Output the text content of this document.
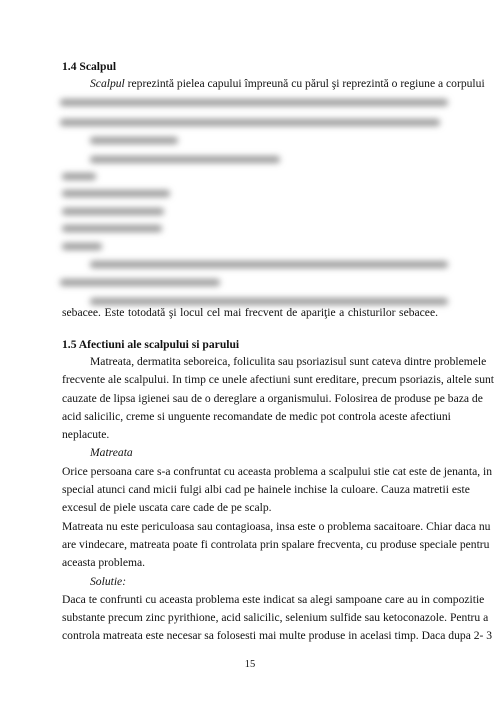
1.4 Scalpul
Scalpul reprezintă pielea capului împreună cu părul şi reprezintă o regiune a corpului
sebacee. Este totodată şi locul cel mai frecvent de apariţie a chisturilor sebacee.
1.5 Afectiuni ale scalpului si parului
Matreata, dermatita seboreica, foliculita sau psoriazisul sunt cateva dintre problemele
frecvente ale scalpului. In timp ce unele afectiuni sunt ereditare, precum psoriazis, altele sunt
cauzate de lipsa igienei sau de o dereglare a organismului. Folosirea de produse pe baza de
acid salicilic, creme si unguente recomandate de medic pot controla aceste afectiuni
neplacute.
Matreata
Orice persoana care s-a confruntat cu aceasta problema a scalpului stie cat este de jenanta, in
special atunci cand micii fulgi albi cad pe hainele inchise la culoare. Cauza matretii este
excesul de piele uscata care cade de pe scalp.
Matreata nu este periculoasa sau contagioasa, insa este o problema sacaitoare. Chiar daca nu
are vindecare, matreata poate fi controlata prin spalare frecventa, cu produse speciale pentru
aceasta problema.
Solutie:
Daca te confrunti cu aceasta problema este indicat sa alegi sampoane care au in compozitie
substante precum zinc pyrithione, acid salicilic, selenium sulfide sau ketoconazole. Pentru a
controla matreata este necesar sa folosesti mai multe produse in acelasi timp. Daca dupa 2- 3
15
